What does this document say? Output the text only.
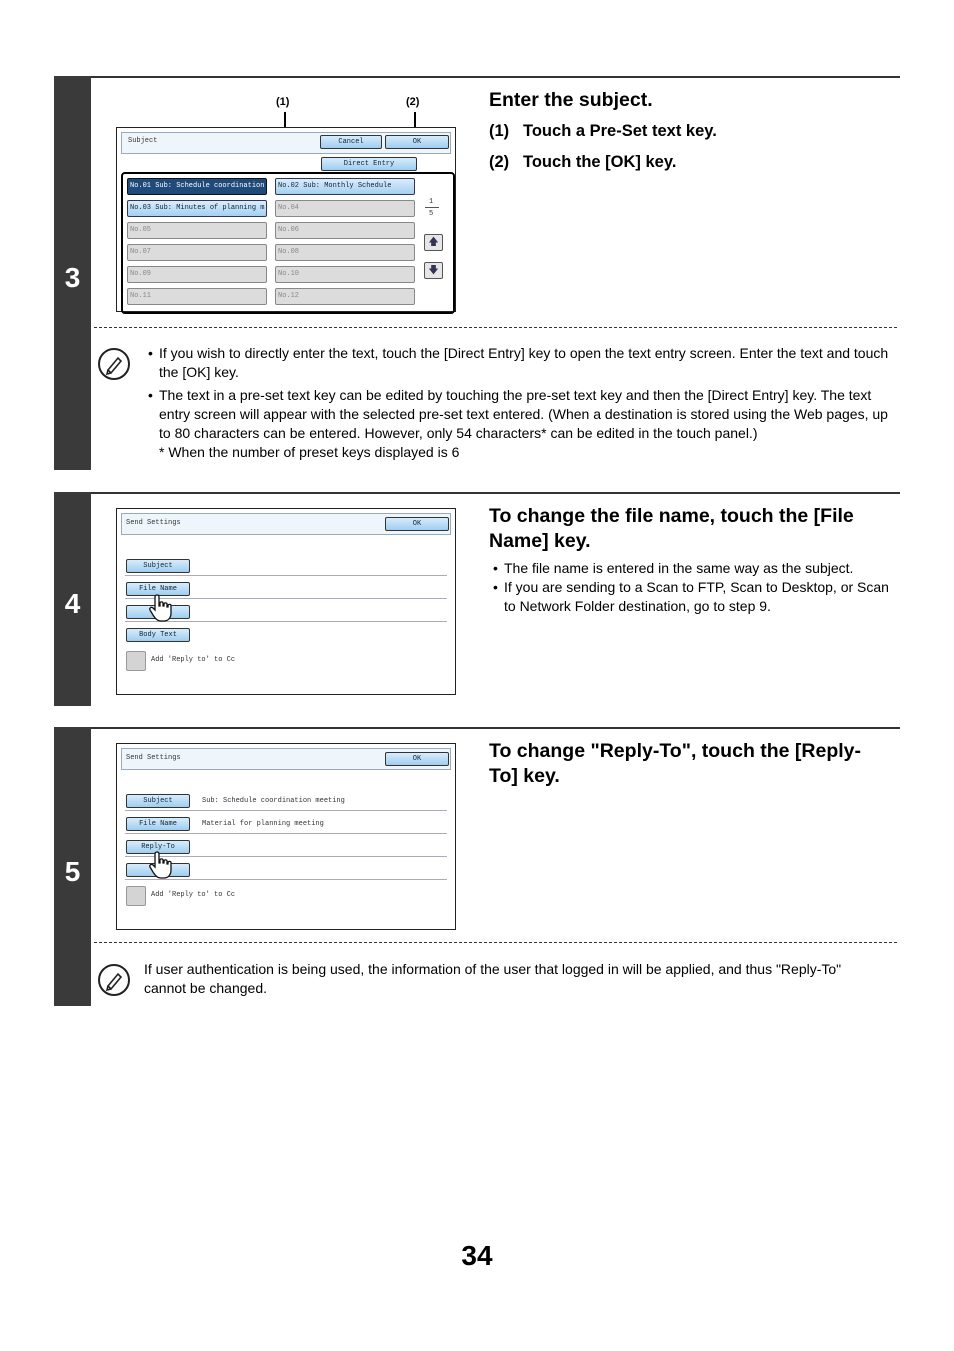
3
(1)	(2)
Subject	Cancel	OK
Direct Entry
No.01 Sub: Schedule coordination	No.02 Sub: Monthly Schedule
No.03 Sub: Minutes of planning m	No.04
No.05	No.06
No.07	No.08
No.09	No.10
No.11	No.12
1
5
🡅
🡇
Enter the subject.
(1) Touch a Pre-Set text key.
(2) Touch the [OK] key.
• If you wish to directly enter the text, touch the [Direct Entry] key to open the text entry screen. Enter the text and touch the [OK] key.
• The text in a pre-set text key can be edited by touching the pre-set text key and then the [Direct Entry] key. The text entry screen will appear with the selected pre-set text entered. (When a destination is stored using the Web pages, up to 80 characters can be entered. However, only 54 characters* can be edited in the touch panel.)
* When the number of preset keys displayed is 6
4
Send Settings	OK
Subject
File Name
Body Text
Add 'Reply to' to Cc
To change the file name, touch the [File Name] key.
• The file name is entered in the same way as the subject.
• If you are sending to a Scan to FTP, Scan to Desktop, or Scan to Network Folder destination, go to step 9.
5
Send Settings	OK
Subject	Sub: Schedule coordination meeting
File Name	Material for planning meeting
Reply-To
Add 'Reply to' to Cc
To change "Reply-To", touch the [Reply-To] key.
If user authentication is being used, the information of the user that logged in will be applied, and thus "Reply-To" cannot be changed.
34
